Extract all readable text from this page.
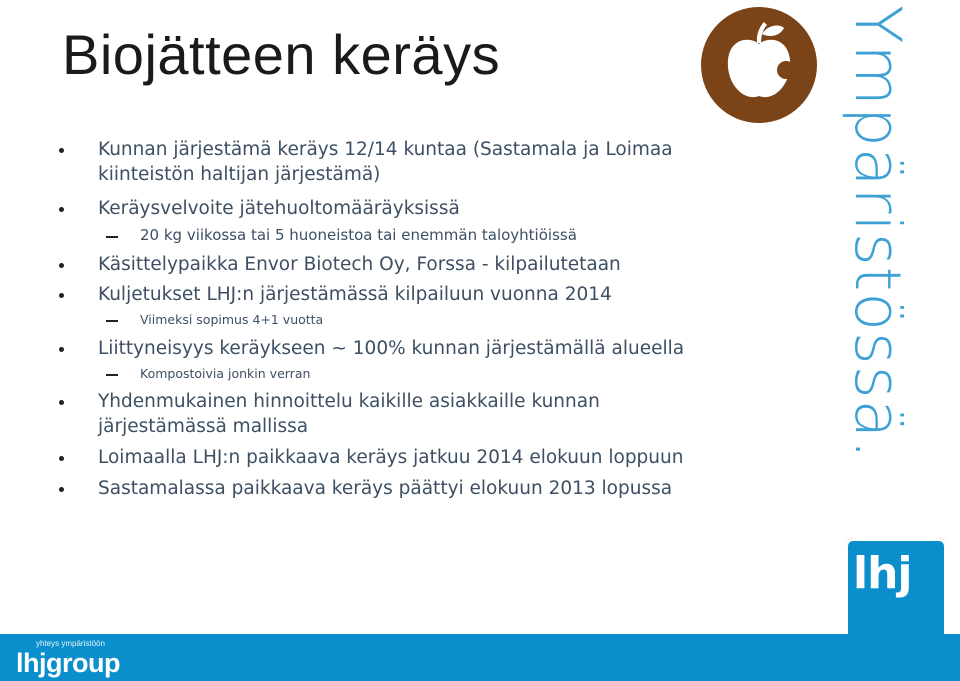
Biojätteen keräys
Kunnan järjestämä keräys 12/14 kuntaa (Sastamala ja Loimaa
kiinteistön haltijan järjestämä)
Keräysvelvoite jätehuoltomääräyksissä
20 kg viikossa tai 5 huoneistoa tai enemmän taloyhtiöissä
Käsittelypaikka Envor Biotech Oy, Forssa - kilpailutetaan
Kuljetukset LHJ:n järjestämässä kilpailuun vuonna 2014
Viimeksi sopimus 4+1 vuotta
Liittyneisyys keräykseen ~ 100% kunnan järjestämällä alueella
Kompostoivia jonkin verran
Yhdenmukainen hinnoittelu kaikille asiakkaille kunnan
järjestämässä mallissa
Loimaalla LHJ:n paikkaava keräys jatkuu 2014 elokuun loppuun
Sastamalassa paikkaava keräys päättyi elokuun 2013 lopussa
Ympäristössä.
lhj
yhteys ympäristöön
lhjgroup
